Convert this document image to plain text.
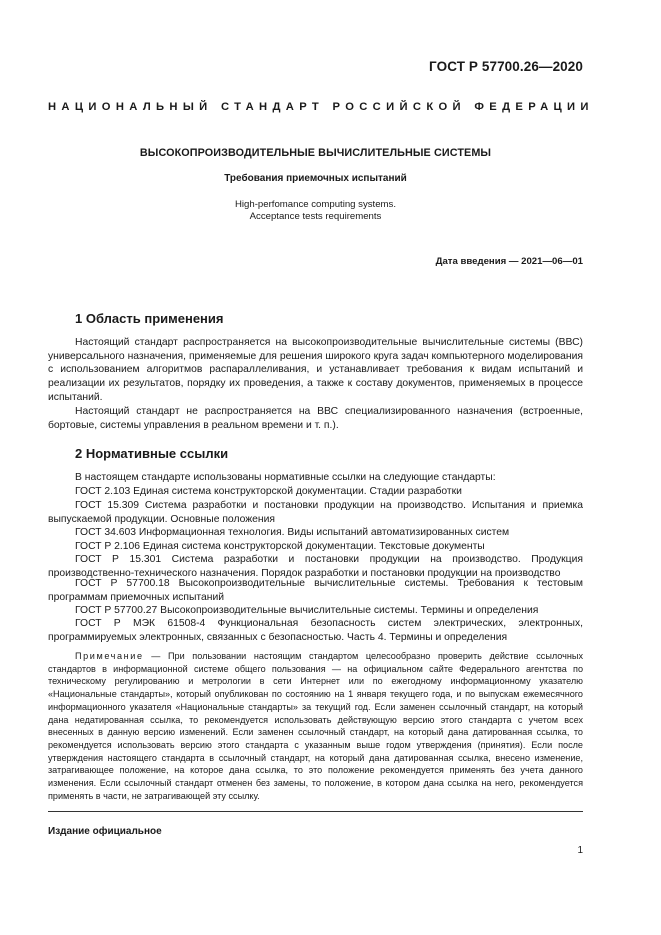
ГОСТ Р 57700.26—2020
НАЦИОНАЛЬНЫЙ СТАНДАРТ РОССИЙСКОЙ ФЕДЕРАЦИИ
ВЫСОКОПРОИЗВОДИТЕЛЬНЫЕ ВЫЧИСЛИТЕЛЬНЫЕ СИСТЕМЫ
Требования приемочных испытаний
High-perfomance computing systems.
Acceptance tests requirements
Дата введения — 2021—06—01
1 Область применения

Настоящий стандарт распространяется на высокопроизводительные вычислительные системы (ВВС) универсального назначения, применяемые для решения широкого круга задач компьютерного моделирования с использованием алгоритмов распараллеливания, и устанавливает требования к видам испытаний и реализации их результатов, порядку их проведения, а также к составу документов, применяемых в процессе испытаний.

Настоящий стандарт не распространяется на ВВС специализированного назначения (встроенные, бортовые, системы управления в реальном времени и т. п.).

2 Нормативные ссылки

В настоящем стандарте использованы нормативные ссылки на следующие стандарты:

ГОСТ 2.103 Единая система конструкторской документации. Стадии разработки

ГОСТ 15.309 Система разработки и постановки продукции на производство. Испытания и приемка выпускаемой продукции. Основные положения

ГОСТ 34.603 Информационная технология. Виды испытаний автоматизированных систем

ГОСТ Р 2.106 Единая система конструкторской документации. Текстовые документы

ГОСТ Р 15.301 Система разработки и постановки продукции на производство. Продукция производственно-технического назначения. Порядок разработки и постановки продукции на производство

ГОСТ Р 57700.18 Высокопроизводительные вычислительные системы. Требования к тестовым программам приемочных испытаний

ГОСТ Р 57700.27 Высокопроизводительные вычислительные системы. Термины и определения

ГОСТ Р МЭК 61508-4 Функциональная безопасность систем электрических, электронных, программируемых электронных, связанных с безопасностью. Часть 4. Термины и определения

Примечание — При пользовании настоящим стандартом целесообразно проверить действие ссылочных стандартов в информационной системе общего пользования — на официальном сайте Федерального агентства по техническому регулированию и метрологии в сети Интернет или по ежегодному информационному указателю «Национальные стандарты», который опубликован по состоянию на 1 января текущего года, и по выпускам ежемесячного информационного указателя «Национальные стандарты» за текущий год. Если заменен ссылочный стандарт, на который дана недатированная ссылка, то рекомендуется использовать действующую версию этого стандарта с учетом всех внесенных в данную версию изменений. Если заменен ссылочный стандарт, на который дана датированная ссылка, то рекомендуется использовать версию этого стандарта с указанным выше годом утверждения (принятия). Если после утверждения настоящего стандарта в ссылочный стандарт, на который дана датированная ссылка, внесено изменение, затрагивающее положение, на которое дана ссылка, то это положение рекомендуется применять без учета данного изменения. Если ссылочный стандарт отменен без замены, то положение, в котором дана ссылка на него, рекомендуется применять в части, не затрагивающей эту ссылку.

Издание официальное
1
